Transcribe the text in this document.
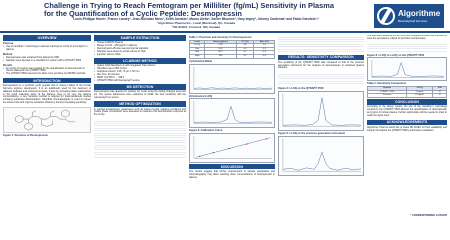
Challenge in Trying to Reach Femtogram per Milliliter (fg/mL) Sensitivity in Plasma
for the Quantification of a Cyclic Peptide: Desmopressin
Louis-Philippe Morin¹, France Landry¹, Jean-Nicholas Mess¹, Keith Jonakin², Mauro Aiello², Xavier Misonne³, Gary Impey³, Johnny Cardenas³ and Fabio Garofolo¹,*
¹Algorithme Pharma Inc., Laval (Montreal), QC, Canada
²AB SCIEX, Concord, ON, Canada
Algorithme
Bioanalytical Services
OVERVIEW
Purpose
• Use of nanoflow™ technology to attempt reaching an LLOQ of a few fg/mL in plasma
Method
• Desmopressin was extracted from plasma by SPE
• Samples were injected on a nanoflow LC system with a QTRAP® 5500
Results
• An LLOQ of 2 pg/mL was reached for the quantification of desmopressin in human plasma on the QTRAP® 5500
• The QTRAP® 5500 was found to allow more sensitive LC-MS/MS methods
INTRODUCTION
Desmopressin is a synthetic cyclic peptide that is closely related to the human hormone arginine vasopressin. It is an antidiuretic used for the treatment of diabetes insipidus and nocturnal enuresis. It acts by increasing water reabsorption in the renal collecting ducts of the kidneys. Due to its very low plasma concentrations, a very sensitive method is required for pharmacokinetic studies involving subclinical administration. Nanoflow chromatography is used to reduce the solvent flow and improve ionization efficiency, thereby increasing sensitivity.
Figure 1: Structure of Desmopressin
SAMPLE EXTRACTION
• Human K2EDTA Plasma
• Range of 2.00 – 250 pg/mL in plasma
• Desmopressin-d5 was used as internal standard
• Samples were eluted in a final volume of 75μL
• Injection volume: 50μL
LC-MS/MS METHOD
• Agilent 1200 Nanoflow LC with Integrated Trap Column
• Nanoflow rate of 300 nL/min
• Analytical column: C18, 75 μm × 50 mm
• Run time: 20 minutes
• MRM: m/z 535.5 → 328.3
• QTRAP® 5500 with Nanospray® source
MS DETECTION
Desmopressin was detected in positive ion mode using the doubly charged precursor ion. The source parameters were optimized to obtain the best sensitivity with the nanospray® ion source.
METHOD OPTIMIZATION
In method development, parameters such as column length, trapping conditions and mobile phase composition were assessed to maximize the desmopressin response at the LLOQ.
Table 1: Precision and Accuracy for Desmopressin
Level	Mean (pg/mL)	CV (%)	Bias (%)
LLOQ	2.05	9.8	2.5
Low	5.92	6.4	-1.3
Mid	98.1	4.1	-1.9
High	196	3.7	-2.0
A) Extracted Blank
B) Extracted LLOQ
Figure 3: Calibration Curve
DISCUSSION
The results suggest that further improvement in sample preparation and chromatography may allow reaching lower concentrations of desmopressin in plasma.
RESULTS: SENSITIVITY COMPARISON
The sensitivity of the QTRAP® 5500 was compared to that of the previous generation instrument for the analysis of desmopressin in extracted plasma samples.
Figure 4: LLOQ on the QTRAP® 5500
Figure 5: LLOQ on the previous generation instrument
The data were acquired at the LLOQ with a signal-to-noise ratio sufficient to meet the acceptance criteria for precision and accuracy.
Figure 6: LLOQ vs LLOQ on the QTRAP® 5500
Table 2: Sensitivity Comparison
System	LLOQ	S/N
QTRAP® 5500	2 pg/mL	12
Previous	10 pg/mL	8
CONCLUSION
According to the above results, the use of the nanoflow™ technology coupled to the QTRAP® 5500 allowed the quantification of desmopressin at 2 pg/mL in human plasma. Further optimization will be needed in order to reach the fg/mL level.
ACKNOWLEDGEMENTS
Algorithme Pharma would like to thank AB SCIEX for their availability and support throughout the QTRAP® 5500 performance evaluation.
* CORRESPONDING AUTHOR
